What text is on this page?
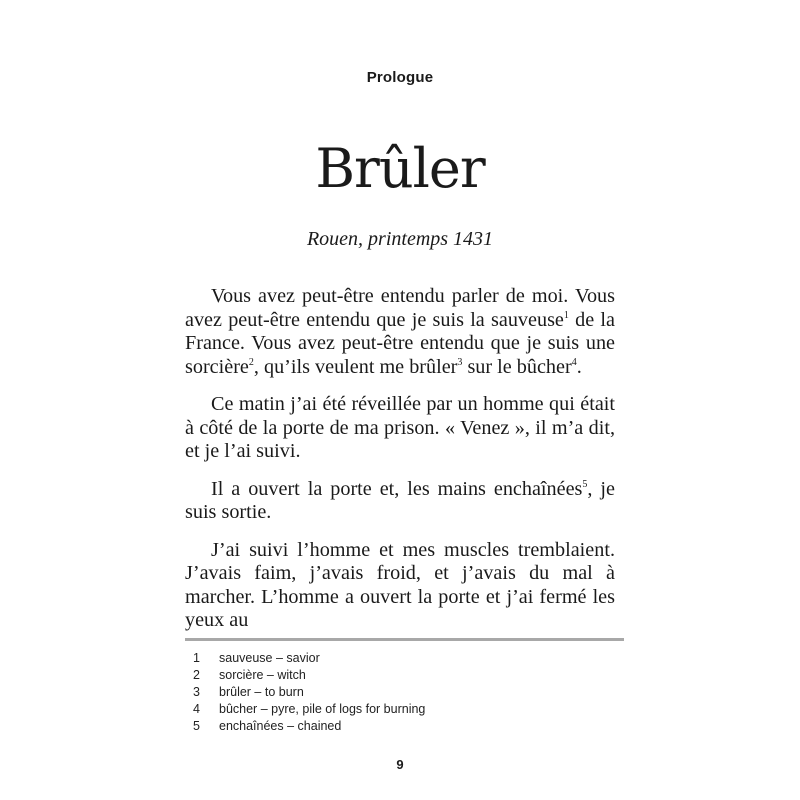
Prologue
Brûler
Rouen, printemps 1431

Vous avez peut-être entendu parler de moi. Vous avez peut-être entendu que je suis la sauveuse$^1$ de la France. Vous avez peut-être entendu que je suis une sorcière$^2$, qu’ils veulent me brûler$^3$ sur le bûcher$^4$.

Ce matin j’ai été réveillée par un homme qui était à côté de la porte de ma prison. « Venez », il m’a dit, et je l’ai suivi.

Il a ouvert la porte et, les mains enchaînées$^5$, je suis sortie.

J’ai suivi l’homme et mes muscles tremblaient. J’avais faim, j’avais froid, et j’avais du mal à marcher. L’homme a ouvert la porte et j’ai fermé les yeux au

1	sauveuse – savior
2	sorcière – witch
3	brûler – to burn
4	bûcher – pyre, pile of logs for burning
5	enchaînées – chained
9
